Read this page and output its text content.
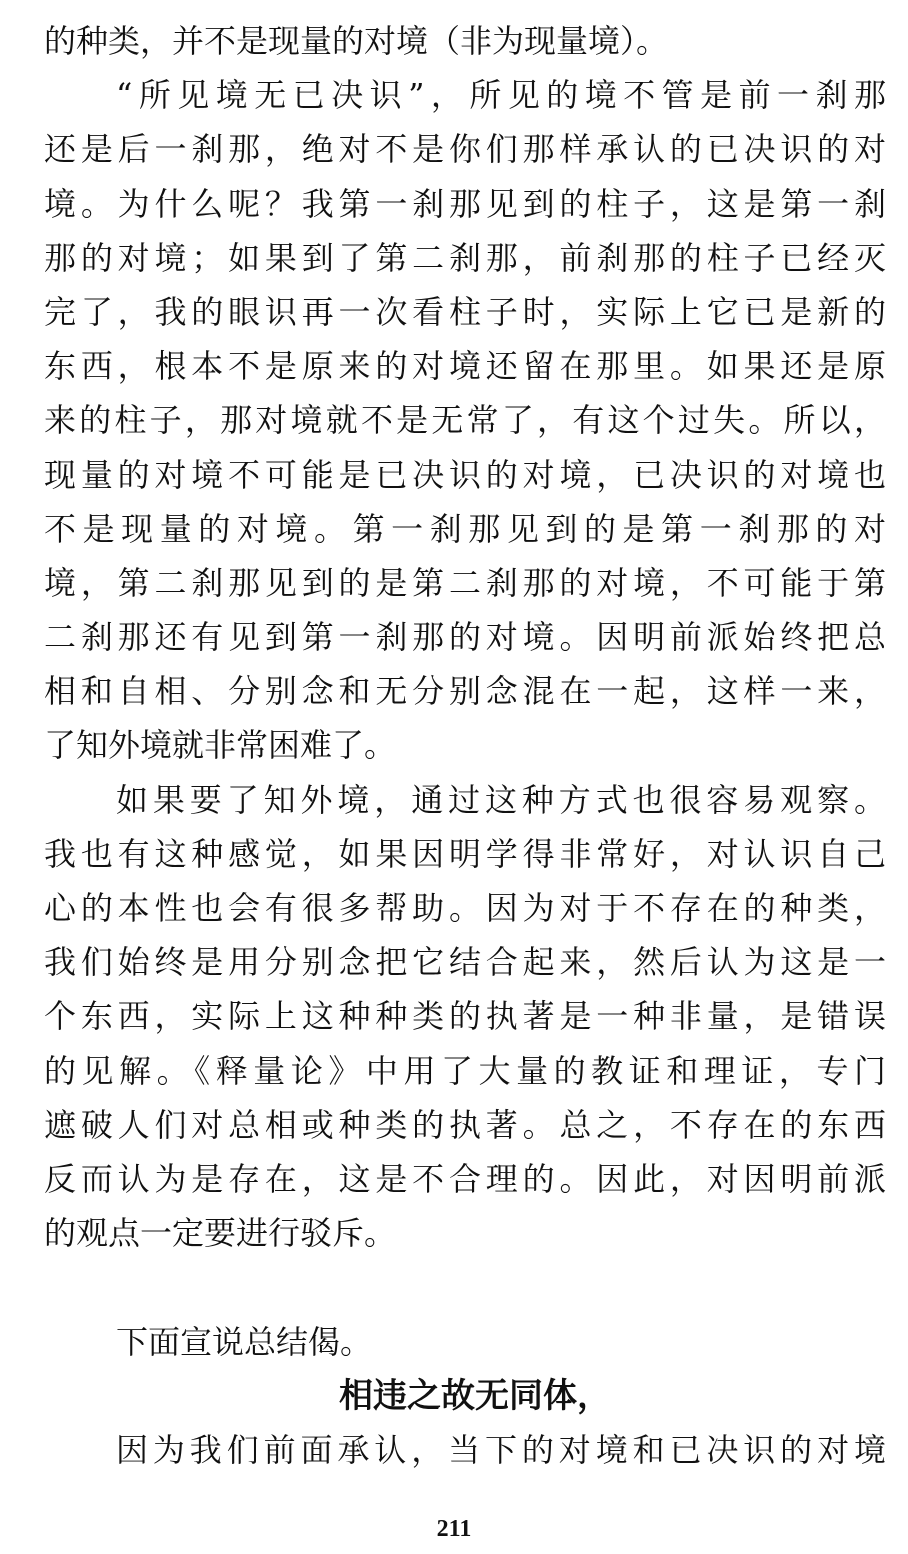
的种类，并不是现量的对境（非为现量境）。
“所见境无已决识”，所见的境不管是前一刹那
还是后一刹那，绝对不是你们那样承认的已决识的对
境。为什么呢？我第一刹那见到的柱子，这是第一刹
那的对境；如果到了第二刹那，前刹那的柱子已经灭
完了，我的眼识再一次看柱子时，实际上它已是新的
东西，根本不是原来的对境还留在那里。如果还是原
来的柱子，那对境就不是无常了，有这个过失。所以，
现量的对境不可能是已决识的对境，已决识的对境也
不是现量的对境。第一刹那见到的是第一刹那的对
境，第二刹那见到的是第二刹那的对境，不可能于第
二刹那还有见到第一刹那的对境。因明前派始终把总
相和自相、分别念和无分别念混在一起，这样一来，
了知外境就非常困难了。
如果要了知外境，通过这种方式也很容易观察。
我也有这种感觉，如果因明学得非常好，对认识自己
心的本性也会有很多帮助。因为对于不存在的种类，
我们始终是用分别念把它结合起来，然后认为这是一
个东西，实际上这种种类的执著是一种非量，是错误
的见解。《释量论》中用了大量的教证和理证，专门
遮破人们对总相或种类的执著。总之，不存在的东西
反而认为是存在，这是不合理的。因此，对因明前派
的观点一定要进行驳斥。
下面宣说总结偈。
相违之故无同体，
因为我们前面承认，当下的对境和已决识的对境
211
